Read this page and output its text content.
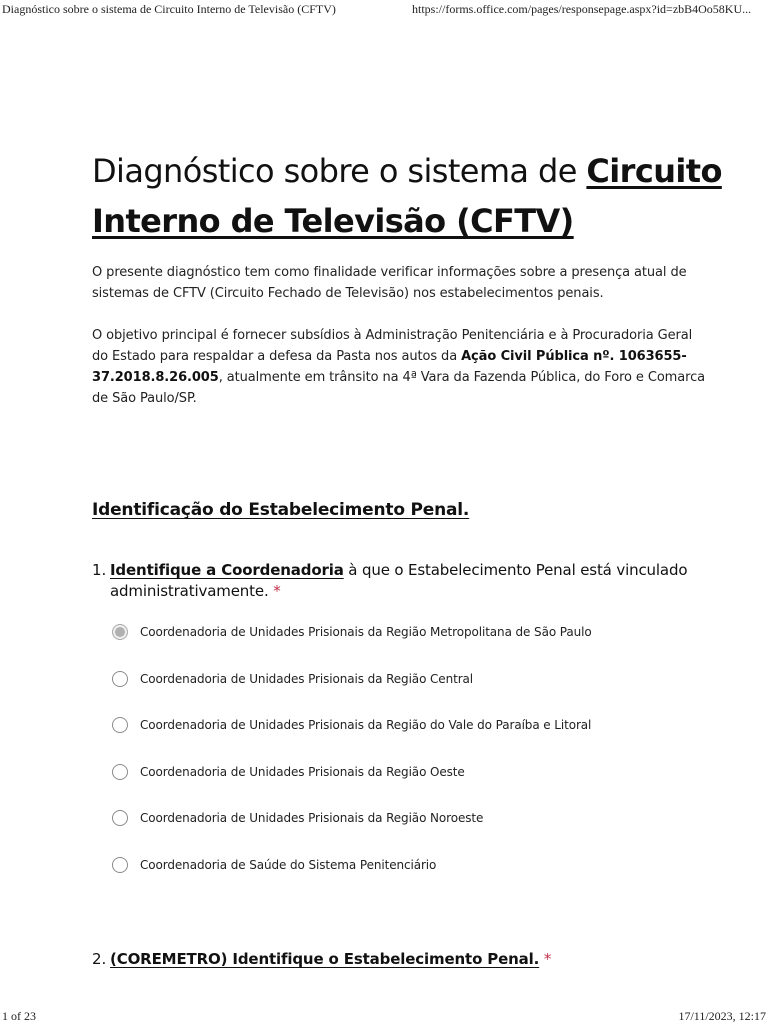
Diagnóstico sobre o sistema de Circuito Interno de Televisão (CFTV)	https://forms.office.com/pages/responsepage.aspx?id=zbB4Oo58KU...
Diagnóstico sobre o sistema de Circuito Interno de Televisão (CFTV)

O presente diagnóstico tem como finalidade verificar informações sobre a presença atual de sistemas de CFTV (Circuito Fechado de Televisão) nos estabelecimentos penais.

O objetivo principal é fornecer subsídios à Administração Penitenciária e à Procuradoria Geral do Estado para respaldar a defesa da Pasta nos autos da Ação Civil Pública nº. 1063655-37.2018.8.26.005, atualmente em trânsito na 4ª Vara da Fazenda Pública, do Foro e Comarca de São Paulo/SP.

Identificação do Estabelecimento Penal.
1. Identifique a Coordenadoria à que o Estabelecimento Penal está vinculado administrativamente. *
Coordenadoria de Unidades Prisionais da Região Metropolitana de São Paulo
Coordenadoria de Unidades Prisionais da Região Central
Coordenadoria de Unidades Prisionais da Região do Vale do Paraíba e Litoral
Coordenadoria de Unidades Prisionais da Região Oeste
Coordenadoria de Unidades Prisionais da Região Noroeste
Coordenadoria de Saúde do Sistema Penitenciário
2. (COREMETRO) Identifique o Estabelecimento Penal. *
1 of 23	17/11/2023, 12:17
